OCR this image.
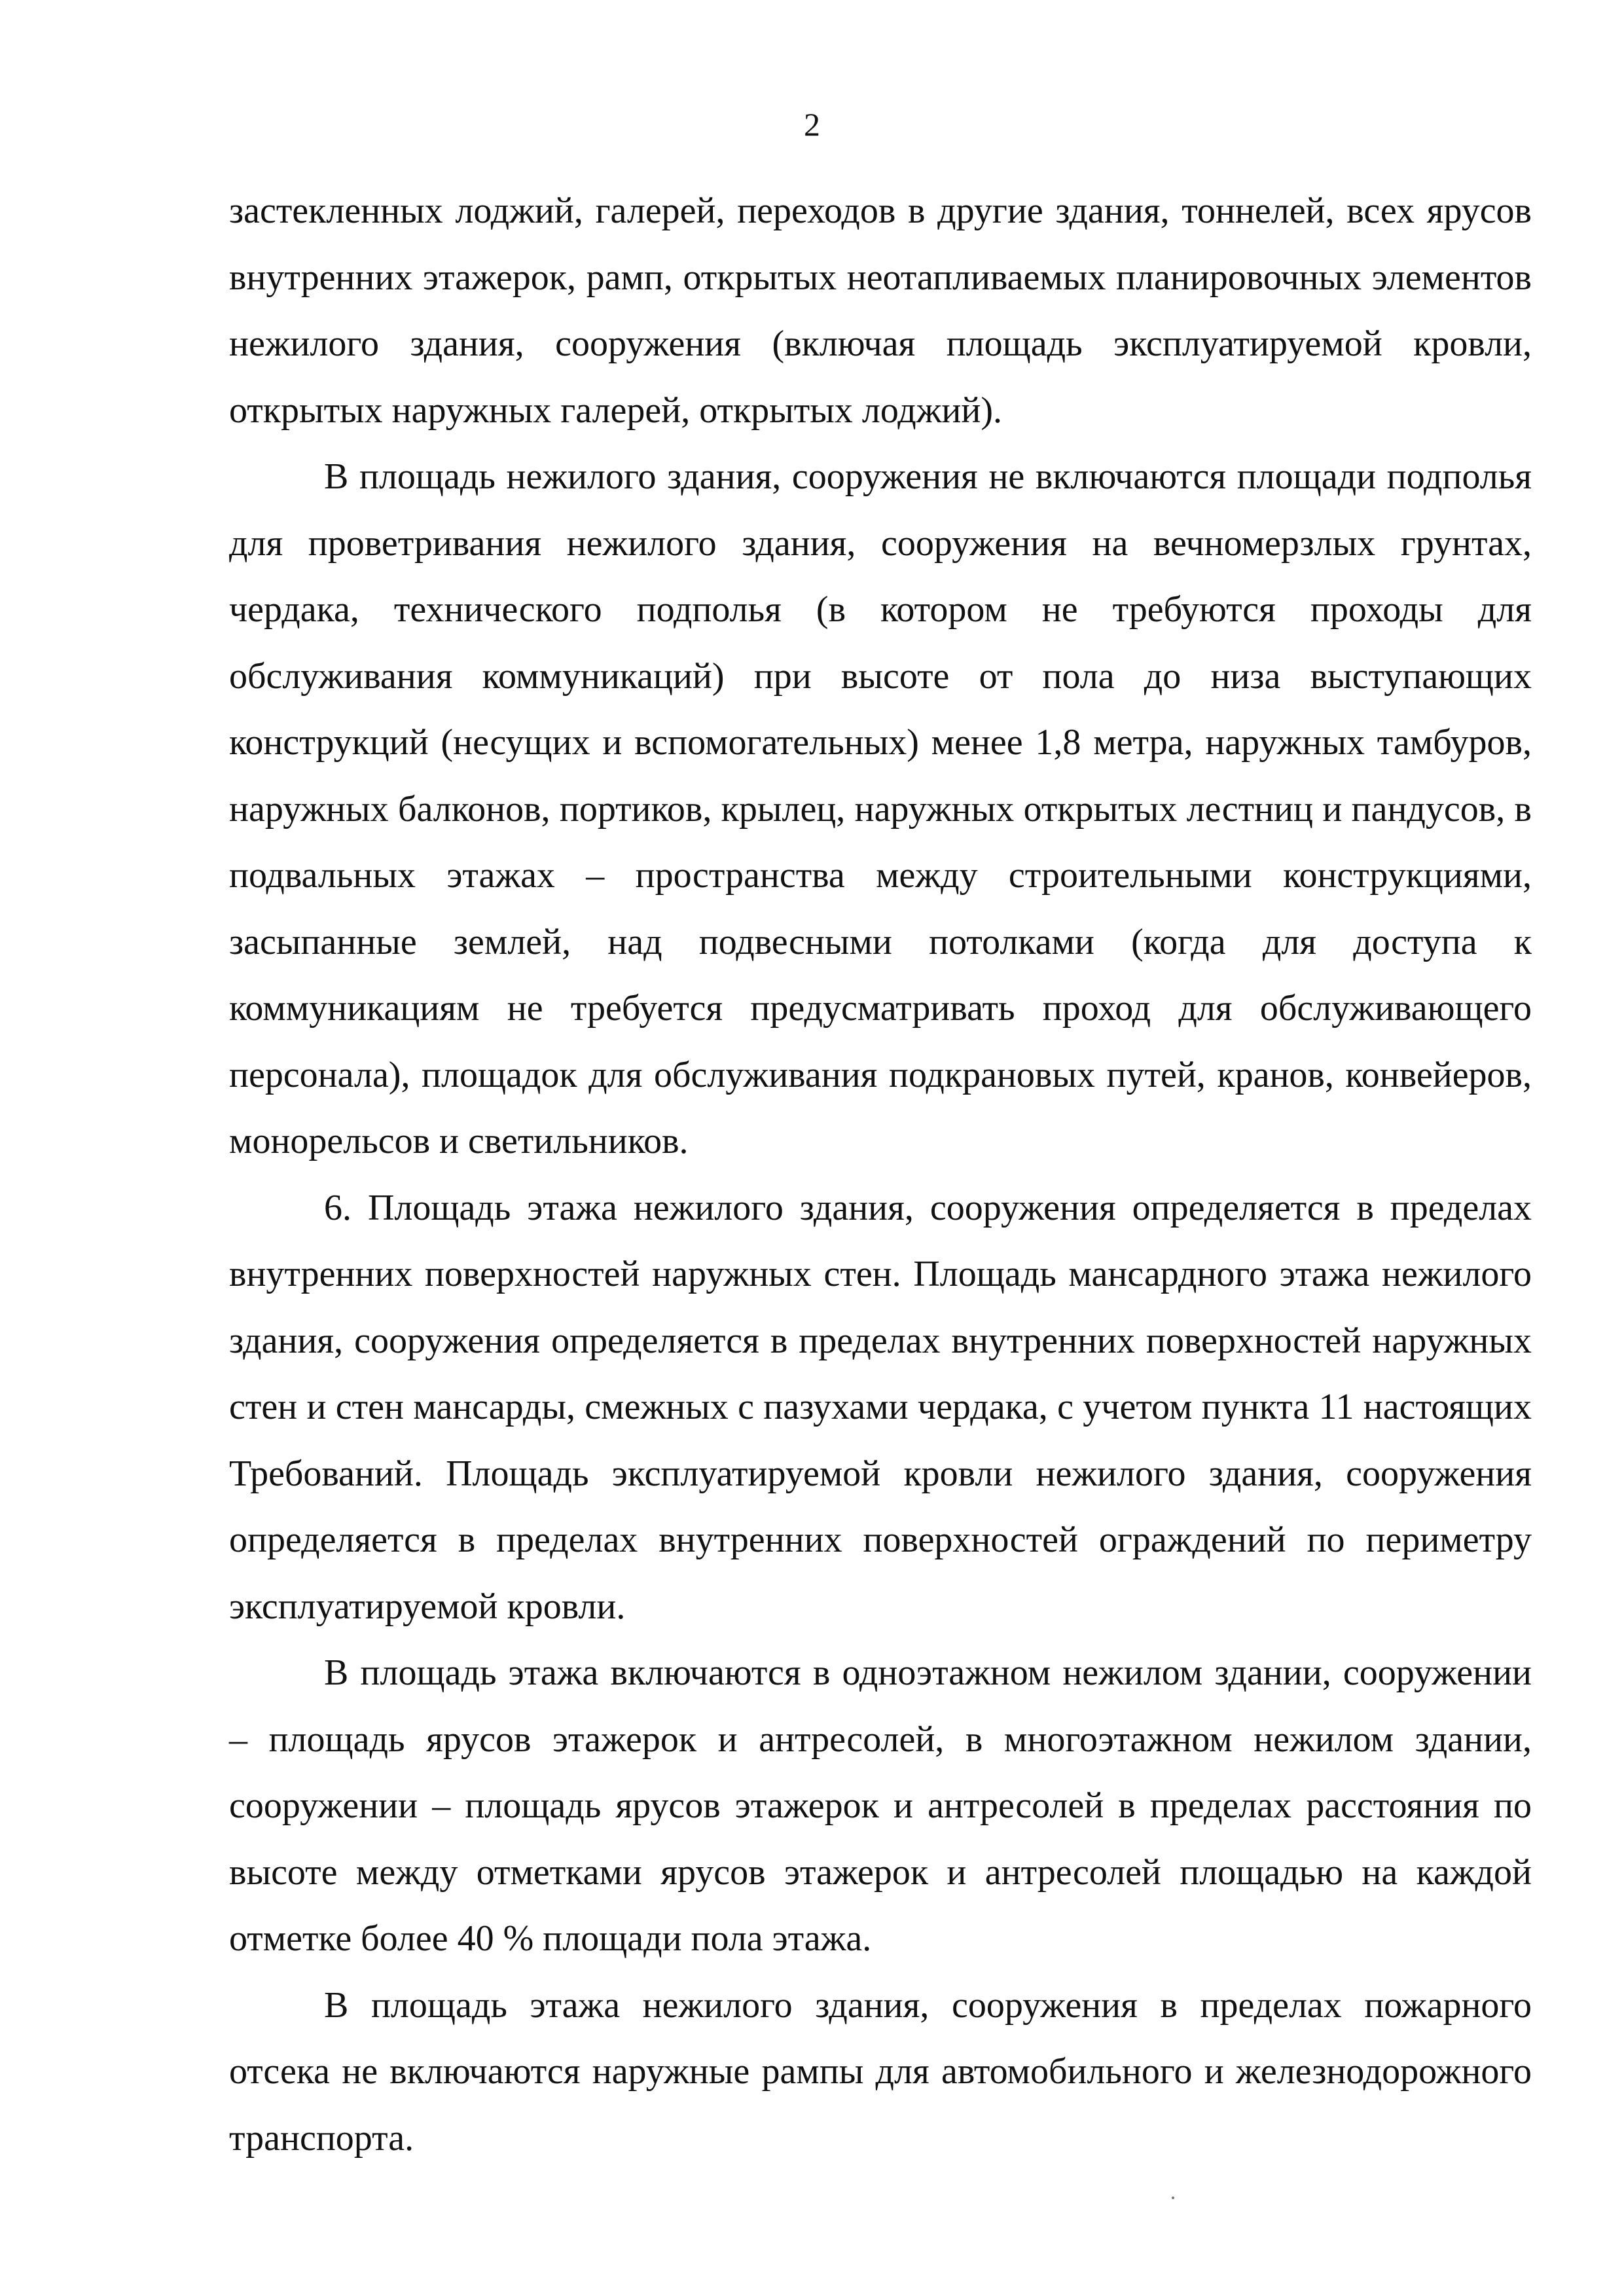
2

застекленных лоджий, галерей, переходов в другие здания, тоннелей, всех ярусов внутренних этажерок, рамп, открытых неотапливаемых планировочных элементов нежилого здания, сооружения (включая площадь эксплуатируемой кровли, открытых наружных галерей, открытых лоджий).

В площадь нежилого здания, сооружения не включаются площади подполья для проветривания нежилого здания, сооружения на вечномерзлых грунтах, чердака, технического подполья (в котором не требуются проходы для обслуживания коммуникаций) при высоте от пола до низа выступающих конструкций (несущих и вспомогательных) менее 1,8 метра, наружных тамбуров, наружных балконов, портиков, крылец, наружных открытых лестниц и пандусов, в подвальных этажах – пространства между строительными конструкциями, засыпанные землей, над подвесными потолками (когда для доступа к коммуникациям не требуется предусматривать проход для обслуживающего персонала), площадок для обслуживания подкрановых путей, кранов, конвейеров, монорельсов и светильников.

6. Площадь этажа нежилого здания, сооружения определяется в пределах внутренних поверхностей наружных стен. Площадь мансардного этажа нежилого здания, сооружения определяется в пределах внутренних поверхностей наружных стен и стен мансарды, смежных с пазухами чердака, с учетом пункта 11 настоящих Требований. Площадь эксплуатируемой кровли нежилого здания, сооружения определяется в пределах внутренних поверхностей ограждений по периметру эксплуатируемой кровли.

В площадь этажа включаются в одноэтажном нежилом здании, сооружении – площадь ярусов этажерок и антресолей, в многоэтажном нежилом здании, сооружении – площадь ярусов этажерок и антресолей в пределах расстояния по высоте между отметками ярусов этажерок и антресолей площадью на каждой отметке более 40 % площади пола этажа.

В площадь этажа нежилого здания, сооружения в пределах пожарного отсека не включаются наружные рампы для автомобильного и железнодорожного транспорта.
